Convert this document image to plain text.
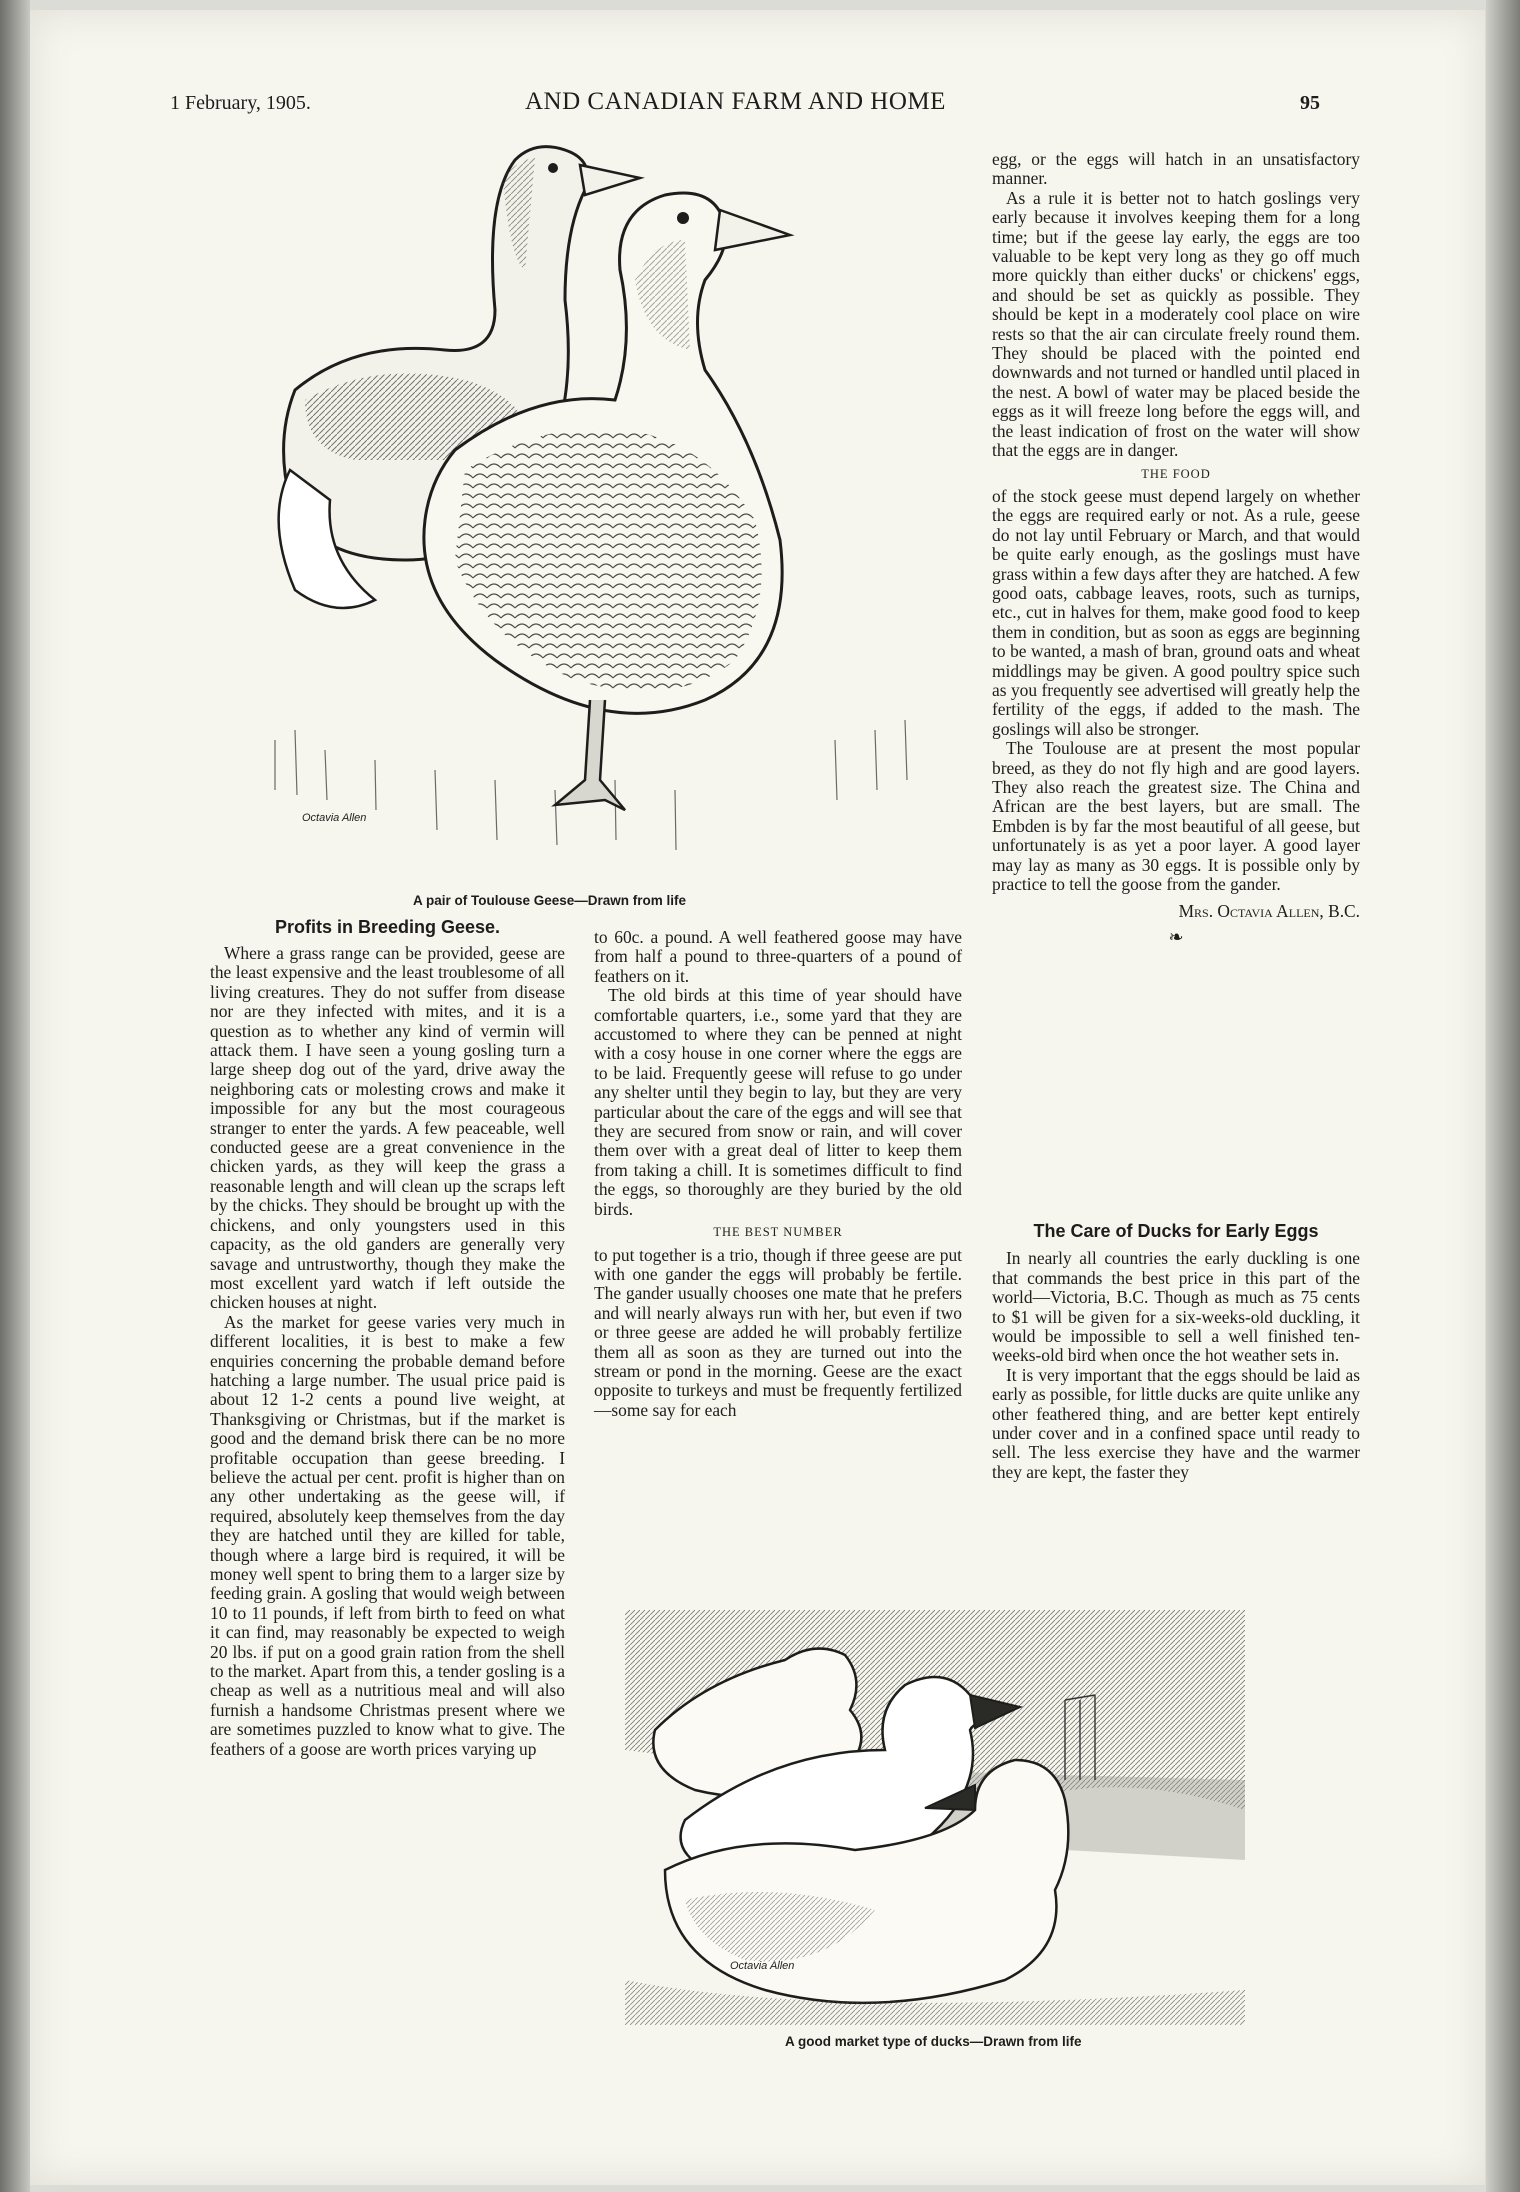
1 February, 1905.	AND CANADIAN FARM AND HOME	95
Octavia Allen
A pair of Toulouse Geese—Drawn from life
Profits in Breeding Geese.

Where a grass range can be provided, geese are the least expensive and the least troublesome of all living creatures. They do not suffer from disease nor are they infected with mites, and it is a question as to whether any kind of vermin will attack them. I have seen a young gosling turn a large sheep dog out of the yard, drive away the neighboring cats or molesting crows and make it impossible for any but the most courageous stranger to enter the yards. A few peaceable, well conducted geese are a great convenience in the chicken yards, as they will keep the grass a reasonable length and will clean up the scraps left by the chicks. They should be brought up with the chickens, and only youngsters used in this capacity, as the old ganders are generally very savage and untrustworthy, though they make the most excellent yard watch if left outside the chicken houses at night.

As the market for geese varies very much in different localities, it is best to make a few enquiries concerning the probable demand before hatching a large number. The usual price paid is about 12 1-2 cents a pound live weight, at Thanksgiving or Christmas, but if the market is good and the demand brisk there can be no more profitable occupation than geese breeding. I believe the actual per cent. profit is higher than on any other undertaking as the geese will, if required, absolutely keep themselves from the day they are hatched until they are killed for table, though where a large bird is required, it will be money well spent to bring them to a larger size by feeding grain. A gosling that would weigh between 10 to 11 pounds, if left from birth to feed on what it can find, may reasonably be expected to weigh 20 lbs. if put on a good grain ration from the shell to the market. Apart from this, a tender gosling is a cheap as well as a nutritious meal and will also furnish a handsome Christmas present where we are sometimes puzzled to know what to give. The feathers of a goose are worth prices varying up

to 60c. a pound. A well feathered goose may have from half a pound to three-quarters of a pound of feathers on it.

The old birds at this time of year should have comfortable quarters, i.e., some yard that they are accustomed to where they can be penned at night with a cosy house in one corner where the eggs are to be laid. Frequently geese will refuse to go under any shelter until they begin to lay, but they are very particular about the care of the eggs and will see that they are secured from snow or rain, and will cover them over with a great deal of litter to keep them from taking a chill. It is sometimes difficult to find the eggs, so thoroughly are they buried by the old birds.

THE BEST NUMBER

to put together is a trio, though if three geese are put with one gander the eggs will probably be fertile. The gander usually chooses one mate that he prefers and will nearly always run with her, but even if two or three geese are added he will probably fertilize them all as soon as they are turned out into the stream or pond in the morning. Geese are the exact opposite to turkeys and must be frequently fertilized—some say for each

egg, or the eggs will hatch in an unsatisfactory manner.

As a rule it is better not to hatch goslings very early because it involves keeping them for a long time; but if the geese lay early, the eggs are too valuable to be kept very long as they go off much more quickly than either ducks' or chickens' eggs, and should be set as quickly as possible. They should be kept in a moderately cool place on wire rests so that the air can circulate freely round them. They should be placed with the pointed end downwards and not turned or handled until placed in the nest. A bowl of water may be placed beside the eggs as it will freeze long before the eggs will, and the least indication of frost on the water will show that the eggs are in danger.

THE FOOD

of the stock geese must depend largely on whether the eggs are required early or not. As a rule, geese do not lay until February or March, and that would be quite early enough, as the goslings must have grass within a few days after they are hatched. A few good oats, cabbage leaves, roots, such as turnips, etc., cut in halves for them, make good food to keep them in condition, but as soon as eggs are beginning to be wanted, a mash of bran, ground oats and wheat middlings may be given. A good poultry spice such as you frequently see advertised will greatly help the fertility of the eggs, if added to the mash. The goslings will also be stronger.

The Toulouse are at present the most popular breed, as they do not fly high and are good layers. They also reach the greatest size. The China and African are the best layers, but are small. The Embden is by far the most beautiful of all geese, but unfortunately is as yet a poor layer. A good layer may lay as many as 30 eggs. It is possible only by practice to tell the goose from the gander.

Mrs. Octavia Allen, B.C.
❧
The Care of Ducks for Early Eggs

In nearly all countries the early duckling is one that commands the best price in this part of the world—Victoria, B.C. Though as much as 75 cents to $1 will be given for a six-weeks-old duckling, it would be impossible to sell a well finished ten-weeks-old bird when once the hot weather sets in.

It is very important that the eggs should be laid as early as possible, for little ducks are quite unlike any other feathered thing, and are better kept entirely under cover and in a confined space until ready to sell. The less exercise they have and the warmer they are kept, the faster they

Octavia Allen
A good market type of ducks—Drawn from life
